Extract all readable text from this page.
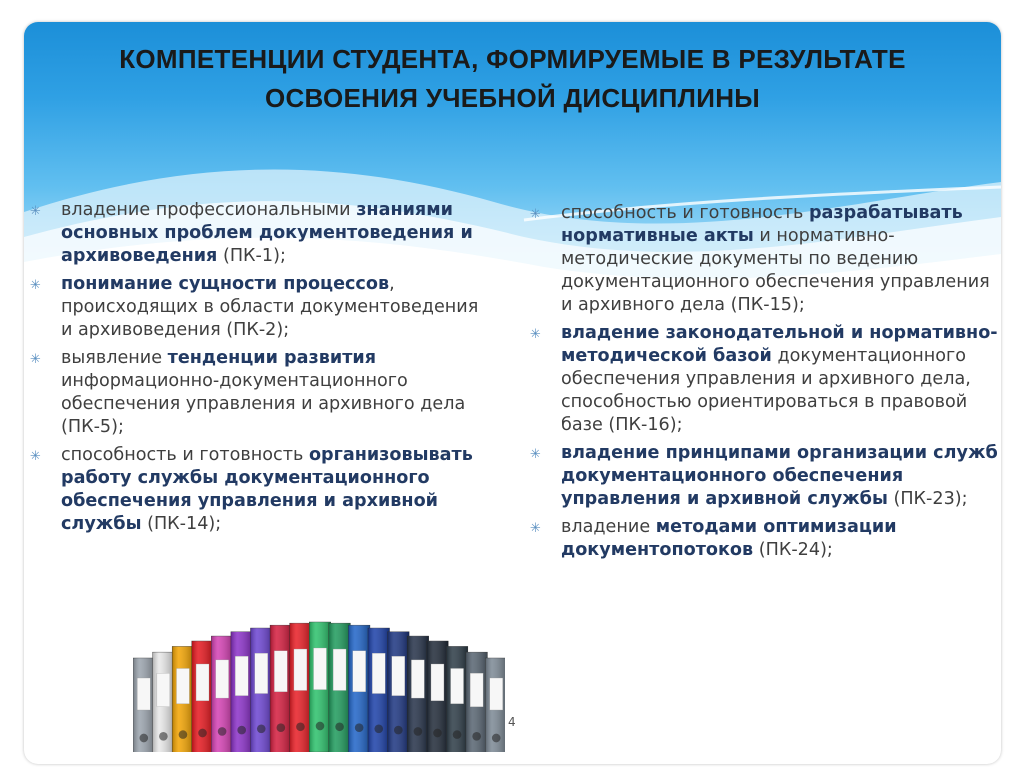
КОМПЕТЕНЦИИ СТУДЕНТА, ФОРМИРУЕМЫЕ В РЕЗУЛЬТАТЕ
ОСВОЕНИЯ УЧЕБНОЙ ДИСЦИПЛИНЫ
✳ владение профессиональными знаниями основных проблем документоведения и архивоведения (ПК-1);
✳ понимание сущности процессов, происходящих в области документоведения и архивоведения (ПК-2);
✳ выявление тенденции развития информационно-документационного обеспечения управления и архивного дела (ПК-5);
✳ способность и готовность организовывать работу службы документационного обеспечения управления и архивной службы (ПК-14);
✳ способность и готовность разрабатывать нормативные акты и нормативно-методические документы по ведению документационного обеспечения управления и архивного дела (ПК-15);
✳ владение законодательной и нормативно-методической базой документационного обеспечения управления и архивного дела, способностью ориентироваться в правовой базе (ПК-16);
✳ владение принципами организации служб документационного обеспечения управления и архивной службы (ПК-23);
✳ владение методами оптимизации документопотоков (ПК-24);
4
